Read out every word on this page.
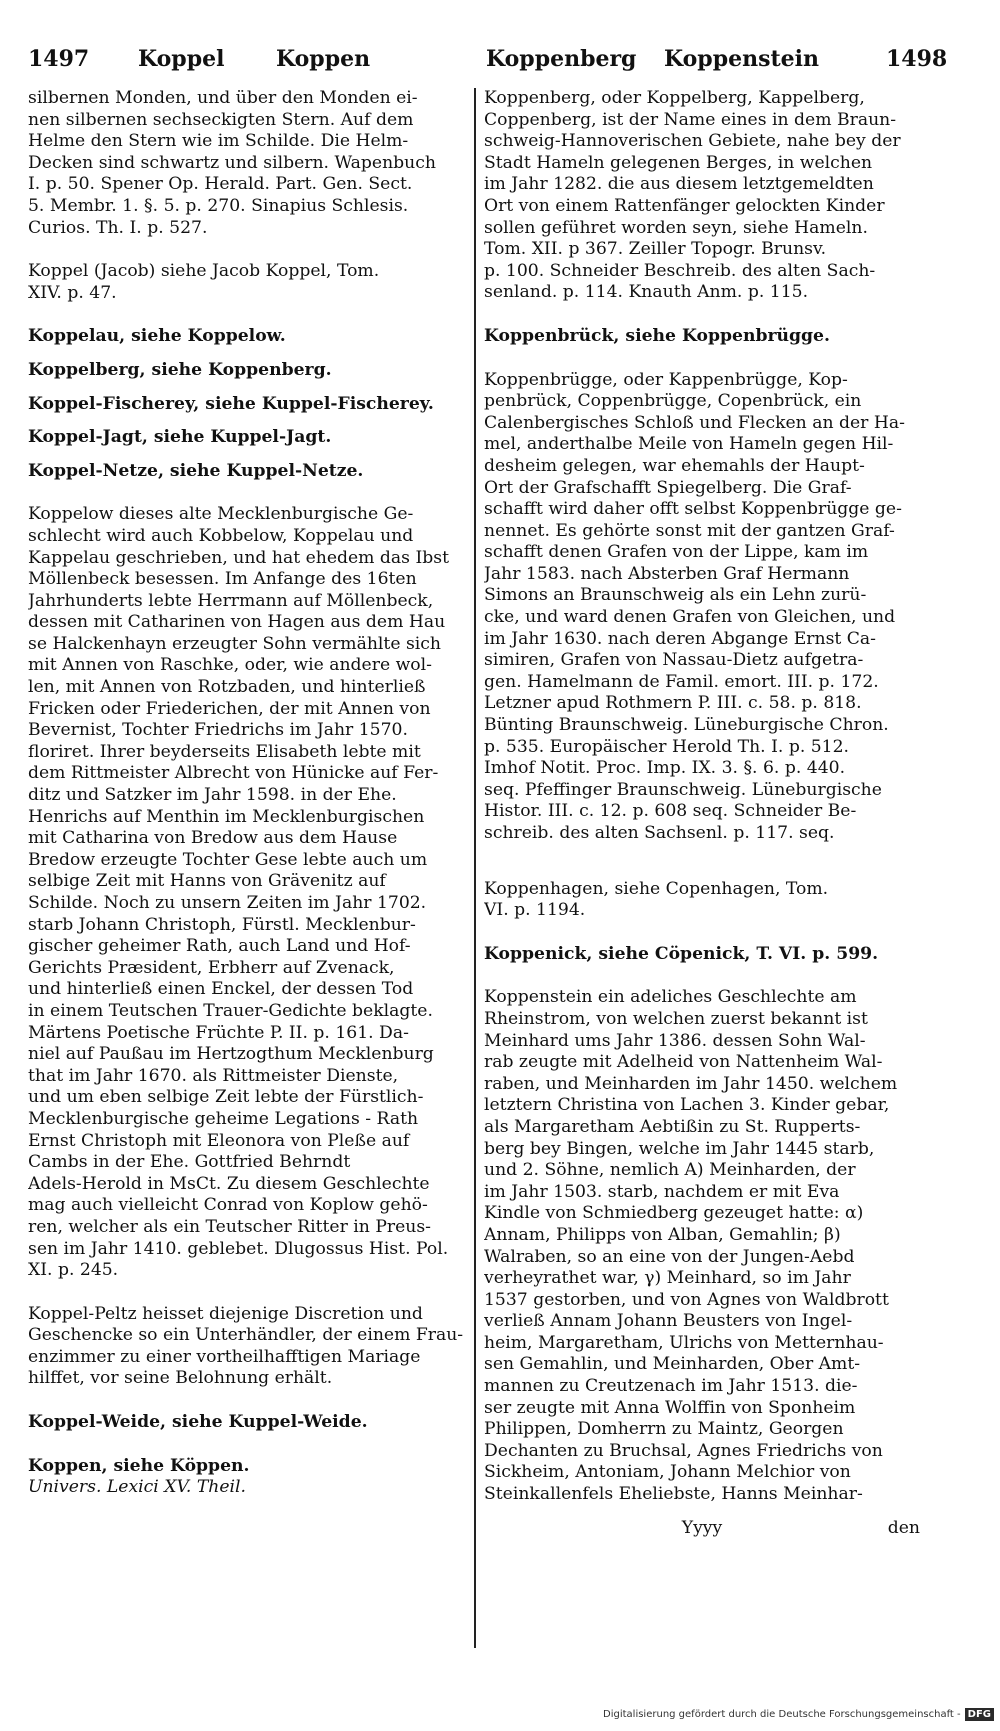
1497 Koppel Koppen	Koppenberg Koppenstein	1498
silbernen Monden, und über den Monden ei-
nen silbernen sechseckigten Stern. Auf dem
Helme den Stern wie im Schilde. Die Helm-
Decken sind schwartz und silbern. Wapenbuch
I. p. 50. Spener Op. Herald. Part. Gen. Sect.
5. Membr. 1. §. 5. p. 270. Sinapius Schlesis.
Curios. Th. I. p. 527.
Koppel (Jacob) siehe Jacob Koppel, Tom.
XIV. p. 47.
Koppelau, siehe Koppelow.
Koppelberg, siehe Koppenberg.
Koppel-Fischerey, siehe Kuppel-Fischerey.
Koppel-Jagt, siehe Kuppel-Jagt.
Koppel-Netze, siehe Kuppel-Netze.
Koppelow dieses alte Mecklenburgische Ge-
schlecht wird auch Kobbelow, Koppelau und
Kappelau geschrieben, und hat ehedem das Ibst
Möllenbeck besessen. Im Anfange des 16ten
Jahrhunderts lebte Herrmann auf Möllenbeck,
dessen mit Catharinen von Hagen aus dem Hau
se Halckenhayn erzeugter Sohn vermählte sich
mit Annen von Raschke, oder, wie andere wol-
len, mit Annen von Rotzbaden, und hinterließ
Fricken oder Friederichen, der mit Annen von
Bevernist, Tochter Friedrichs im Jahr 1570.
floriret. Ihrer beyderseits Elisabeth lebte mit
dem Rittmeister Albrecht von Hünicke auf Fer-
ditz und Satzker im Jahr 1598. in der Ehe.
Henrichs auf Menthin im Mecklenburgischen
mit Catharina von Bredow aus dem Hause
Bredow erzeugte Tochter Gese lebte auch um
selbige Zeit mit Hanns von Grävenitz auf
Schilde. Noch zu unsern Zeiten im Jahr 1702.
starb Johann Christoph, Fürstl. Mecklenbur-
gischer geheimer Rath, auch Land und Hof-
Gerichts Præsident, Erbherr auf Zvenack,
und hinterließ einen Enckel, der dessen Tod
in einem Teutschen Trauer-Gedichte beklagte.
Märtens Poetische Früchte P. II. p. 161. Da-
niel auf Paußau im Hertzogthum Mecklenburg
that im Jahr 1670. als Rittmeister Dienste,
und um eben selbige Zeit lebte der Fürstlich-
Mecklenburgische geheime Legations - Rath
Ernst Christoph mit Eleonora von Pleße auf
Cambs in der Ehe. Gottfried Behrndt
Adels-Herold in MsCt. Zu diesem Geschlechte
mag auch vielleicht Conrad von Koplow gehö-
ren, welcher als ein Teutscher Ritter in Preus-
sen im Jahr 1410. geblebet. Dlugossus Hist. Pol.
XI. p. 245.
Koppel-Peltz heisset diejenige Discretion und
Geschencke so ein Unterhändler, der einem Frau-
enzimmer zu einer vortheilhafftigen Mariage
hilffet, vor seine Belohnung erhält.
Koppel-Weide, siehe Kuppel-Weide.
Koppen, siehe Köppen.
Univers. Lexici XV. Theil.
Koppenberg, oder Koppelberg, Kappelberg,
Coppenberg, ist der Name eines in dem Braun-
schweig-Hannoverischen Gebiete, nahe bey der
Stadt Hameln gelegenen Berges, in welchen
im Jahr 1282. die aus diesem letztgemeldten
Ort von einem Rattenfänger gelockten Kinder
sollen geführet worden seyn, siehe Hameln.
Tom. XII. p 367. Zeiller Topogr. Brunsv.
p. 100. Schneider Beschreib. des alten Sach-
senland. p. 114. Knauth Anm. p. 115.
Koppenbrück, siehe Koppenbrügge.
Koppenbrügge, oder Kappenbrügge, Kop-
penbrück, Coppenbrügge, Copenbrück, ein
Calenbergisches Schloß und Flecken an der Ha-
mel, anderthalbe Meile von Hameln gegen Hil-
desheim gelegen, war ehemahls der Haupt-
Ort der Grafschafft Spiegelberg. Die Graf-
schafft wird daher offt selbst Koppenbrügge ge-
nennet. Es gehörte sonst mit der gantzen Graf-
schafft denen Grafen von der Lippe, kam im
Jahr 1583. nach Absterben Graf Hermann
Simons an Braunschweig als ein Lehn zurü-
cke, und ward denen Grafen von Gleichen, und
im Jahr 1630. nach deren Abgange Ernst Ca-
simiren, Grafen von Nassau-Dietz aufgetra-
gen. Hamelmann de Famil. emort. III. p. 172.
Letzner apud Rothmern P. III. c. 58. p. 818.
Bünting Braunschweig. Lüneburgische Chron.
p. 535. Europäischer Herold Th. I. p. 512.
Imhof Notit. Proc. Imp. IX. 3. §. 6. p. 440.
seq. Pfeffinger Braunschweig. Lüneburgische
Histor. III. c. 12. p. 608 seq. Schneider Be-
schreib. des alten Sachsenl. p. 117. seq.
Koppenhagen, siehe Copenhagen, Tom.
VI. p. 1194.
Koppenick, siehe Cöpenick, T. VI. p. 599.
Koppenstein ein adeliches Geschlechte am
Rheinstrom, von welchen zuerst bekannt ist
Meinhard ums Jahr 1386. dessen Sohn Wal-
rab zeugte mit Adelheid von Nattenheim Wal-
raben, und Meinharden im Jahr 1450. welchem
letztern Christina von Lachen 3. Kinder gebar,
als Margaretham Aebtißin zu St. Rupperts-
berg bey Bingen, welche im Jahr 1445 starb,
und 2. Söhne, nemlich A) Meinharden, der
im Jahr 1503. starb, nachdem er mit Eva
Kindle von Schmiedberg gezeuget hatte: α)
Annam, Philipps von Alban, Gemahlin; β)
Walraben, so an eine von der Jungen-Aebd
verheyrathet war, γ) Meinhard, so im Jahr
1537 gestorben, und von Agnes von Waldbrott
verließ Annam Johann Beusters von Ingel-
heim, Margaretham, Ulrichs von Metternhau-
sen Gemahlin, und Meinharden, Ober Amt-
mannen zu Creutzenach im Jahr 1513. die-
ser zeugte mit Anna Wolffin von Sponheim
Philippen, Domherrn zu Maintz, Georgen
Dechanten zu Bruchsal, Agnes Friedrichs von
Sickheim, Antoniam, Johann Melchior von
Steinkallenfels Eheliebste, Hanns Meinhar-
Yyyy	den
Digitalisierung gefördert durch die Deutsche Forschungsgemeinschaft - DFG
